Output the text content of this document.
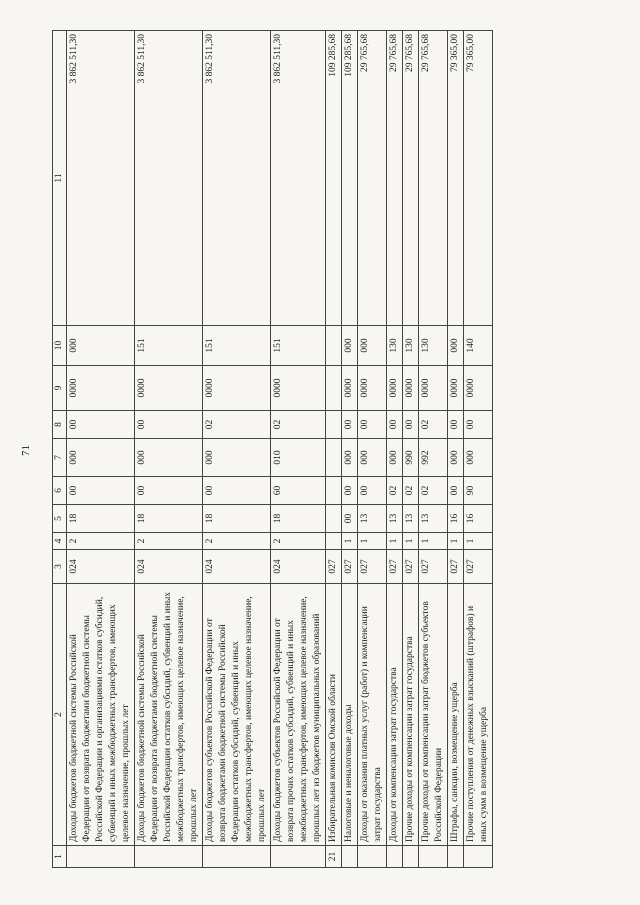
71
1	2	3	4	5	6	7	8	9	10	11
	Доходы бюджетов бюджетной системы Российской Федерации от возврата бюджетами бюджетной системы Российской Федерации и организациями остатков субсидий, субвенций и иных межбюджетных трансфертов, имеющих целевое назначение, прошлых лет	024	2	18	00	000	00	0000	000	3 862 511,30
	Доходы бюджетов бюджетной системы Российской Федерации от возврата бюджетами бюджетной системы Российской Федерации остатков субсидий, субвенций и иных межбюджетных трансфертов, имеющих целевое назначение, прошлых лет	024	2	18	00	000	00	0000	151	3 862 511,30
	Доходы бюджетов субъектов Российской Федерации от возврата бюджетами бюджетной системы Российской Федерации остатков субсидий, субвенций и иных межбюджетных трансфертов, имеющих целевое назначение, прошлых лет	024	2	18	00	000	02	0000	151	3 862 511,30
	Доходы бюджетов субъектов Российской Федерации от возврата прочих остатков субсидий, субвенций и иных межбюджетных трансфертов, имеющих целевое назначение, прошлых лет из бюджетов муниципальных образований	024	2	18	60	010	02	0000	151	3 862 511,30
21	Избирательная комиссия Омской области	027								109 285,68
	Налоговые и неналоговые доходы	027	1	00	00	000	00	0000	000	109 285,68
	Доходы от оказания платных услуг (работ) и компенсации затрат государства	027	1	13	00	000	00	0000	000	29 765,68
	Доходы от компенсации затрат государства	027	1	13	02	000	00	0000	130	29 765,68
	Прочие доходы от компенсации затрат государства	027	1	13	02	990	00	0000	130	29 765,68
	Прочие доходы от компенсации затрат бюджетов субъектов Российской Федерации	027	1	13	02	992	02	0000	130	29 765,68
	Штрафы, санкции, возмещение ущерба	027	1	16	00	000	00	0000	000	79 365,00
	Прочие поступления от денежных взысканий (штрафов) и иных сумм в возмещение ущерба	027	1	16	90	000	00	0000	140	79 365,00
